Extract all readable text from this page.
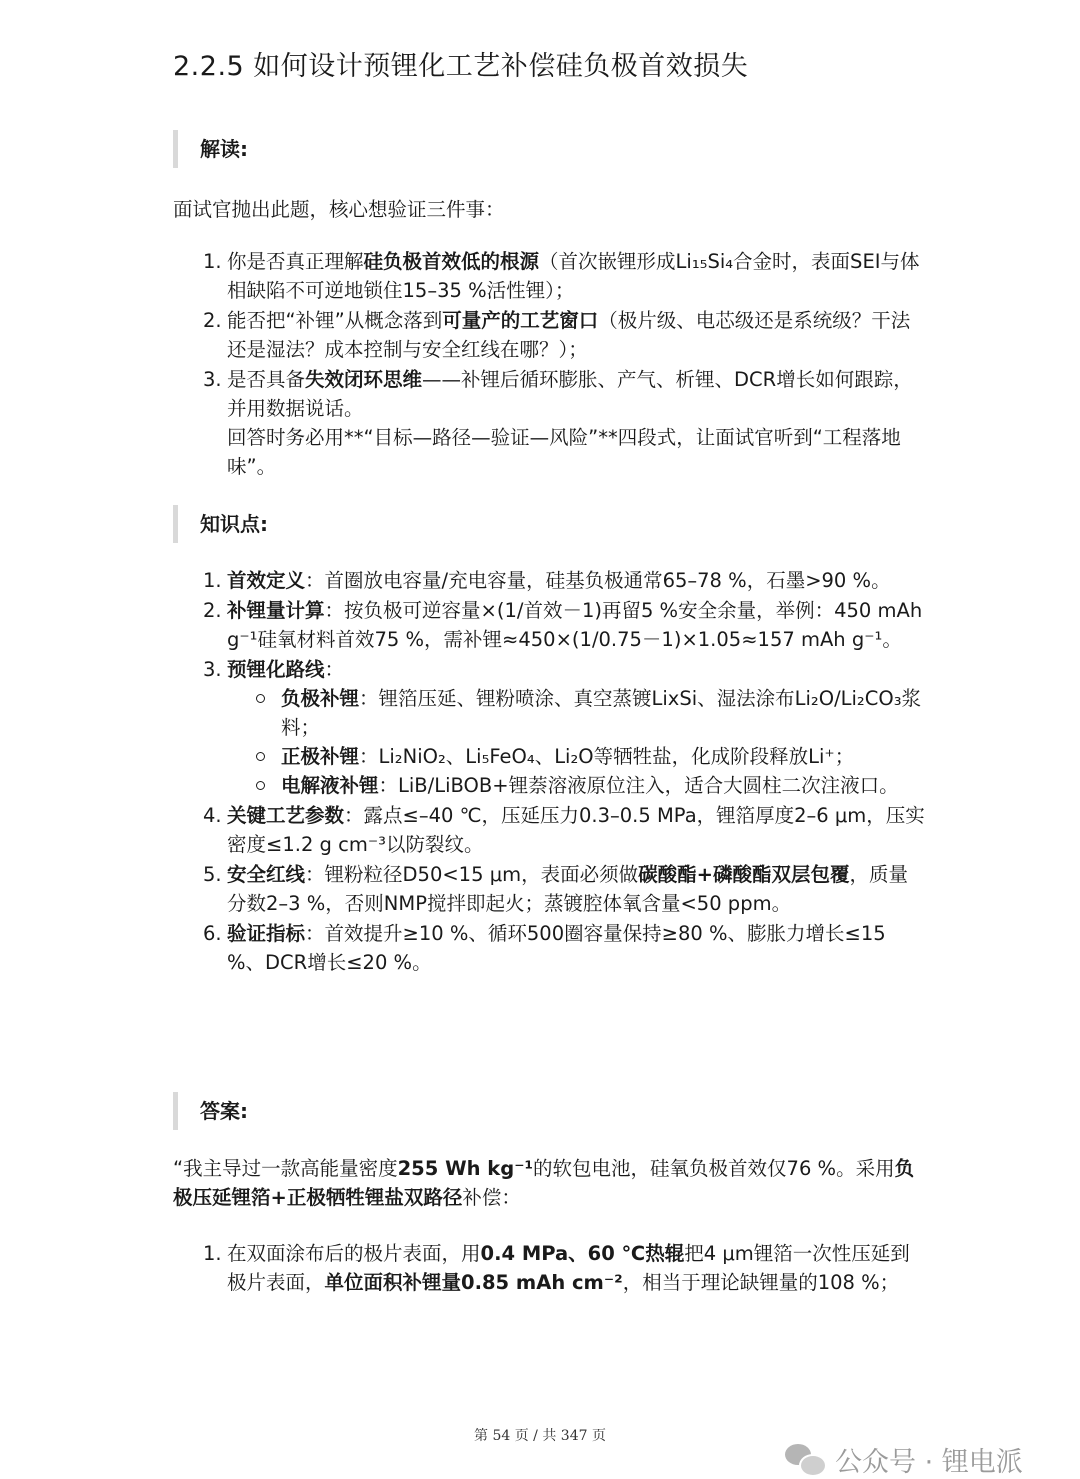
2.2.5 如何设计预锂化工艺补偿硅负极首效损失
解读:

面试官抛出此题，核心想验证三件事：

1. 你是否真正理解硅负极首效低的根源（首次嵌锂形成Li₁₅Si₄合金时，表面SEI与体相缺陷不可逆地锁住15–35 %活性锂）；
2. 能否把“补锂”从概念落到可量产的工艺窗口（极片级、电芯级还是系统级？干法还是湿法？成本控制与安全红线在哪？）；
3. 是否具备失效闭环思维——补锂后循环膨胀、产气、析锂、DCR增长如何跟踪，并用数据说话。
回答时务必用**“目标—路径—验证—风险”**四段式，让面试官听到“工程落地味”。
知识点:
1. 首效定义：首圈放电容量/充电容量，硅基负极通常65–78 %，石墨>90 %。
2. 补锂量计算：按负极可逆容量×(1/首效－1)再留5 %安全余量，举例：450 mAh g⁻¹硅氧材料首效75 %，需补锂≈450×(1/0.75－1)×1.05≈157 mAh g⁻¹。
3. 预锂化路线：
负极补锂：锂箔压延、锂粉喷涂、真空蒸镀LixSi、湿法涂布Li₂O/Li₂CO₃浆料；
正极补锂：Li₂NiO₂、Li₅FeO₄、Li₂O等牺牲盐，化成阶段释放Li⁺；
电解液补锂：LiB/LiBOB+锂萘溶液原位注入，适合大圆柱二次注液口。
4. 关键工艺参数：露点≤–40 ℃，压延压力0.3–0.5 MPa，锂箔厚度2–6 μm，压实密度≤1.2 g cm⁻³以防裂纹。
5. 安全红线：锂粉粒径D50<15 μm，表面必须做碳酸酯+磷酸酯双层包覆，质量分数2–3 %，否则NMP搅拌即起火；蒸镀腔体氧含量<50 ppm。
6. 验证指标：首效提升≥10 %、循环500圈容量保持≥80 %、膨胀力增长≤15 %、DCR增长≤20 %。
答案:

“我主导过一款高能量密度255 Wh kg⁻¹的软包电池，硅氧负极首效仅76 %。采用负极压延锂箔+正极牺牲锂盐双路径补偿：

1. 在双面涂布后的极片表面，用0.4 MPa、60 ℃热辊把4 μm锂箔一次性压延到极片表面，单位面积补锂量0.85 mAh cm⁻²，相当于理论缺锂量的108 %；
第 54 页 / 共 347 页
公众号 · 锂电派
